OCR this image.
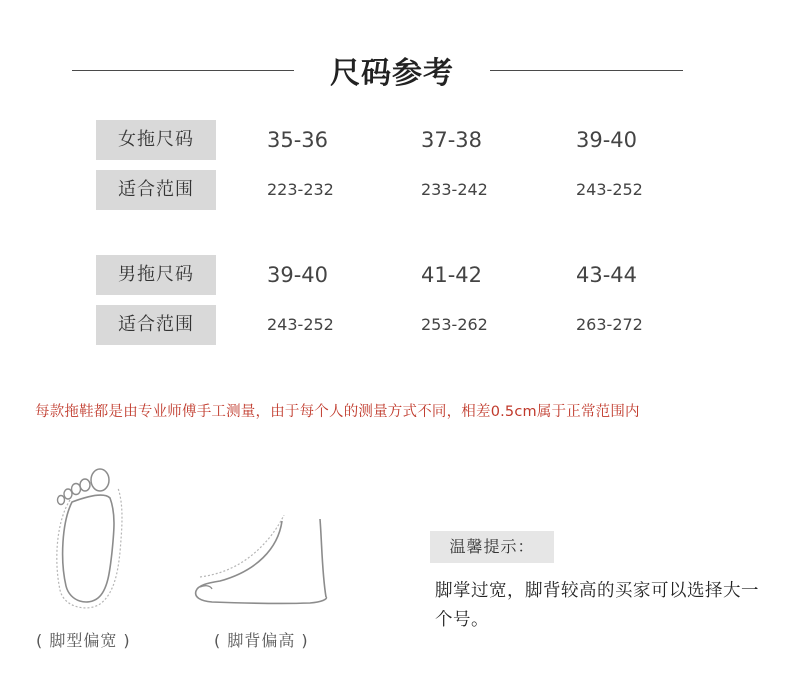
尺码参考
女拖尺码	35-36	37-38	39-40
适合范围	223-232	233-242	243-252
男拖尺码	39-40	41-42	43-44
适合范围	243-252	253-262	263-272
每款拖鞋都是由专业师傅手工测量，由于每个人的测量方式不同，相差0.5cm属于正常范围内
( 脚型偏宽 )	( 脚背偏高 )
温馨提示：
脚掌过宽，脚背较高的买家可以选择大一个号。
